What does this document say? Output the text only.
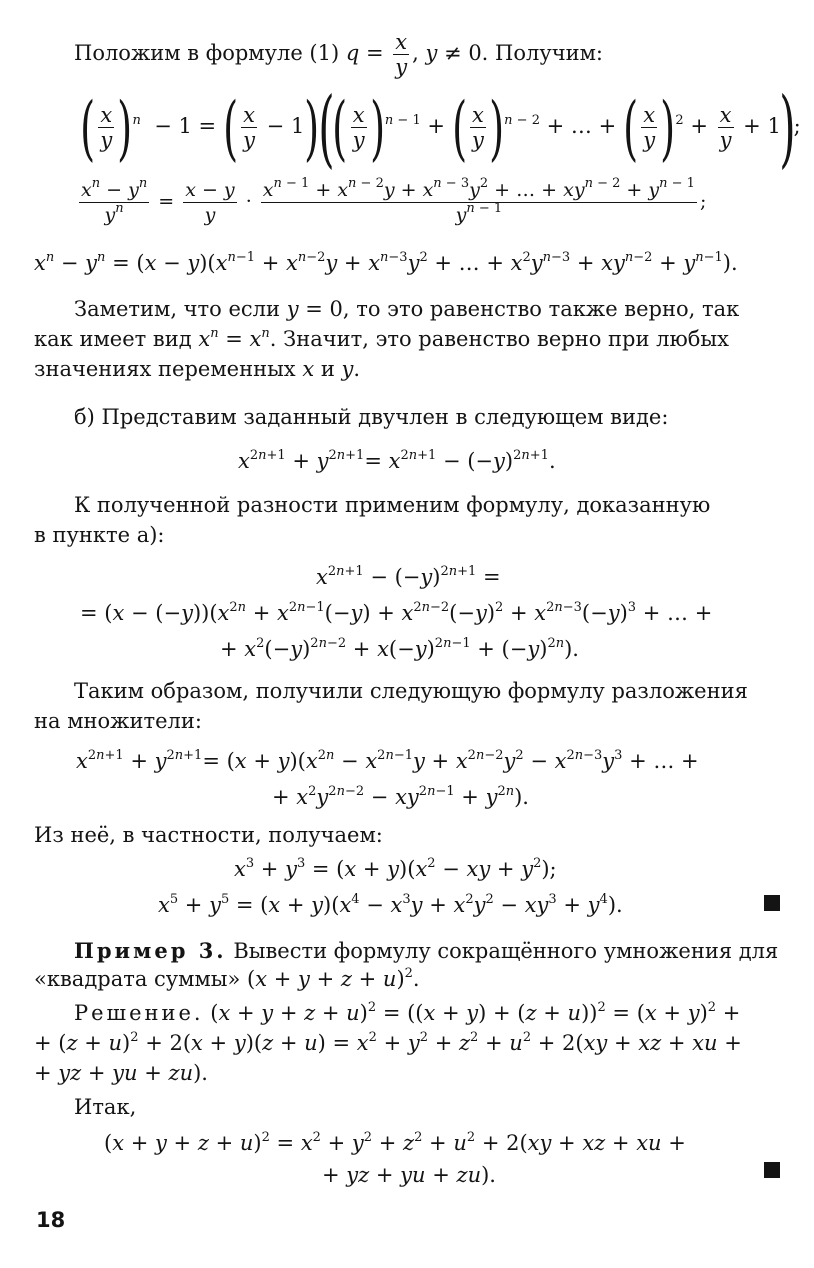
Положим в формуле (1) $q = \frac{x}{y}$ , y ≠ 0. Получим:
( $\frac{x}{y} )^n - 1$ = ( $\frac{x}{y} - 1)(( \frac{x}{y} )^{n - 1}$ + ( $\frac{x}{y} )^{n - 2}$ + … + ( $\frac{x}{y} )^2 + \frac{x}{y} + 1$);
$\frac{x^n - y^n}{y^n} = \frac{x - y}{y} \cdot \frac{x^{n - 1} + x^{n - 2}y + x^{n - 3}y^2 + \dots + xy^{n - 2} + y^{n - 1}}{y^{n - 1}}$ ;
$x^n - y^n = (x - y)(x^{n-1} + x^{n-2}y + x^{n-3}y^2$ + … + $x^2y^{n-3} + xy^{n-2} + y^{n-1}$).
Заметим, что если y = 0, то это равенство также верно, так
как имеет вид $x^n = x^n$. Значит, это равенство верно при любых
значениях переменных x и y.
б) Представим заданный двучлен в следующем виде:
$x^{2n+1} + y^{2n+1}= x^{2n+1} - (-y)^{2n+1}$.
К полученной разности применим формулу, доказанную
в пункте а):
$x^{2n+1} - (-y)^{2n+1}$ =
= $(x - (-y))(x^{2n} + x^{2n-1}(-y) + x^{2n-2}(-y)^2 + x^{2n-3}(-y)^3$ + … +
+ $x^2(-y)^{2n-2} + x(-y)^{2n-1} + (-y)^{2n}$).
Таким образом, получили следующую формулу разложения
на множители:
$x^{2n+1} + y^{2n+1}= (x + y)(x^{2n} - x^{2n-1}y + x^{2n-2}y^2 - x^{2n-3}y^3$ + … +
+ $x^2y^{2n-2} - xy^{2n-1} + y^{2n}$).
Из неё, в частности, получаем:
$x^3 + y^3 = (x + y)(x^2$ − xy + $y^2$);
$x^5 + y^5 = (x + y)(x^4 - x^3y + x^2y^2 - xy^3 + y^4)$.
Пример 3. Вывести формулу сокращённого умножения для
«квадрата суммы» $(x + y + z + u)^2$.
Решение. $(x + y + z + u)^2 = ((x + y) + (z + u))^2 = (x + y)^2$ +
+ $(z + u)^2 + 2(x + y)(z + u) = x^2 + y^2 + z^2 + u^2 + 2(xy$ + xz + xu +
+ yz + yu + zu).
Итак,
$(x + y + z + u)^2 = x^2 + y^2 + z^2 + u^2 + 2(xy$ + xz + xu +
+ yz + yu + zu).
18
